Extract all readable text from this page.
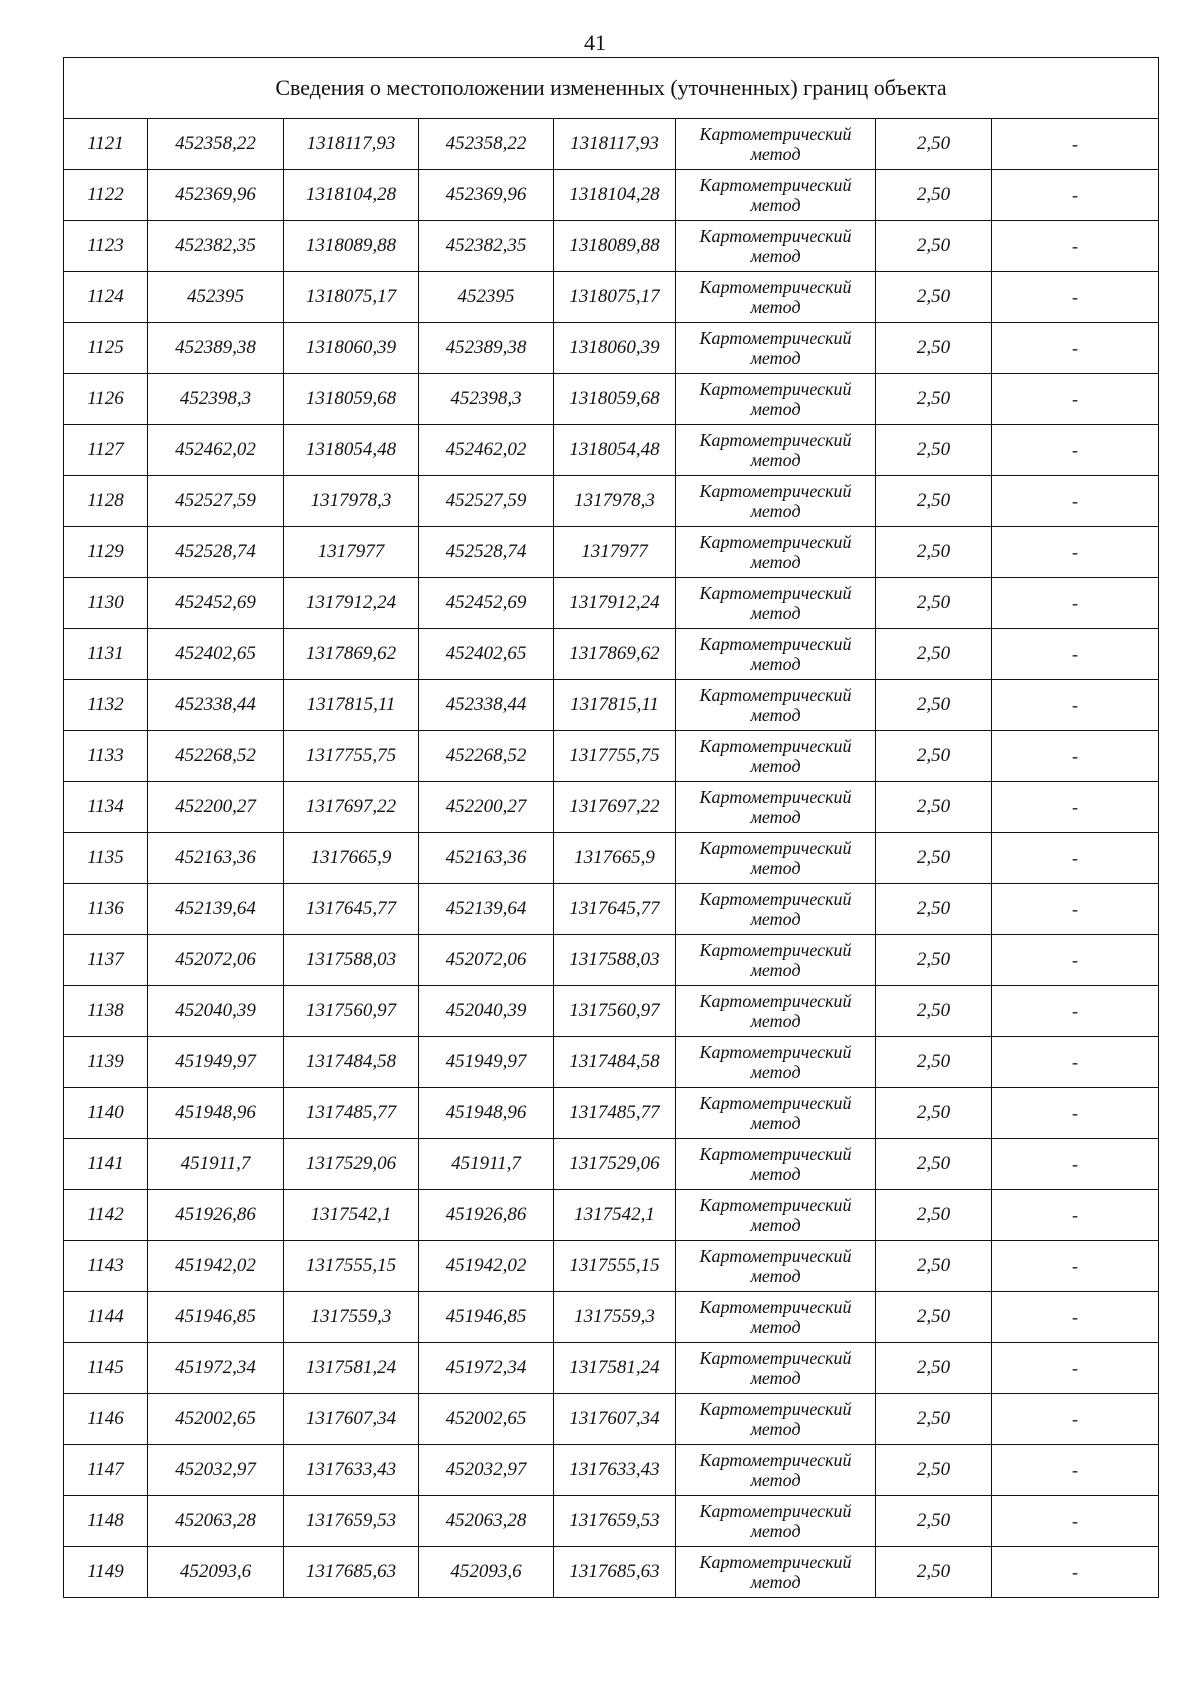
41
Сведения о местоположении измененных (уточненных) границ объекта							
1121	452358,22	1318117,93	452358,22	1318117,93	Картометрический метод	2,50	-
1122	452369,96	1318104,28	452369,96	1318104,28	Картометрический метод	2,50	-
1123	452382,35	1318089,88	452382,35	1318089,88	Картометрический метод	2,50	-
1124	452395	1318075,17	452395	1318075,17	Картометрический метод	2,50	-
1125	452389,38	1318060,39	452389,38	1318060,39	Картометрический метод	2,50	-
1126	452398,3	1318059,68	452398,3	1318059,68	Картометрический метод	2,50	-
1127	452462,02	1318054,48	452462,02	1318054,48	Картометрический метод	2,50	-
1128	452527,59	1317978,3	452527,59	1317978,3	Картометрический метод	2,50	-
1129	452528,74	1317977	452528,74	1317977	Картометрический метод	2,50	-
1130	452452,69	1317912,24	452452,69	1317912,24	Картометрический метод	2,50	-
1131	452402,65	1317869,62	452402,65	1317869,62	Картометрический метод	2,50	-
1132	452338,44	1317815,11	452338,44	1317815,11	Картометрический метод	2,50	-
1133	452268,52	1317755,75	452268,52	1317755,75	Картометрический метод	2,50	-
1134	452200,27	1317697,22	452200,27	1317697,22	Картометрический метод	2,50	-
1135	452163,36	1317665,9	452163,36	1317665,9	Картометрический метод	2,50	-
1136	452139,64	1317645,77	452139,64	1317645,77	Картометрический метод	2,50	-
1137	452072,06	1317588,03	452072,06	1317588,03	Картометрический метод	2,50	-
1138	452040,39	1317560,97	452040,39	1317560,97	Картометрический метод	2,50	-
1139	451949,97	1317484,58	451949,97	1317484,58	Картометрический метод	2,50	-
1140	451948,96	1317485,77	451948,96	1317485,77	Картометрический метод	2,50	-
1141	451911,7	1317529,06	451911,7	1317529,06	Картометрический метод	2,50	-
1142	451926,86	1317542,1	451926,86	1317542,1	Картометрический метод	2,50	-
1143	451942,02	1317555,15	451942,02	1317555,15	Картометрический метод	2,50	-
1144	451946,85	1317559,3	451946,85	1317559,3	Картометрический метод	2,50	-
1145	451972,34	1317581,24	451972,34	1317581,24	Картометрический метод	2,50	-
1146	452002,65	1317607,34	452002,65	1317607,34	Картометрический метод	2,50	-
1147	452032,97	1317633,43	452032,97	1317633,43	Картометрический метод	2,50	-
1148	452063,28	1317659,53	452063,28	1317659,53	Картометрический метод	2,50	-
1149	452093,6	1317685,63	452093,6	1317685,63	Картометрический метод	2,50	-
